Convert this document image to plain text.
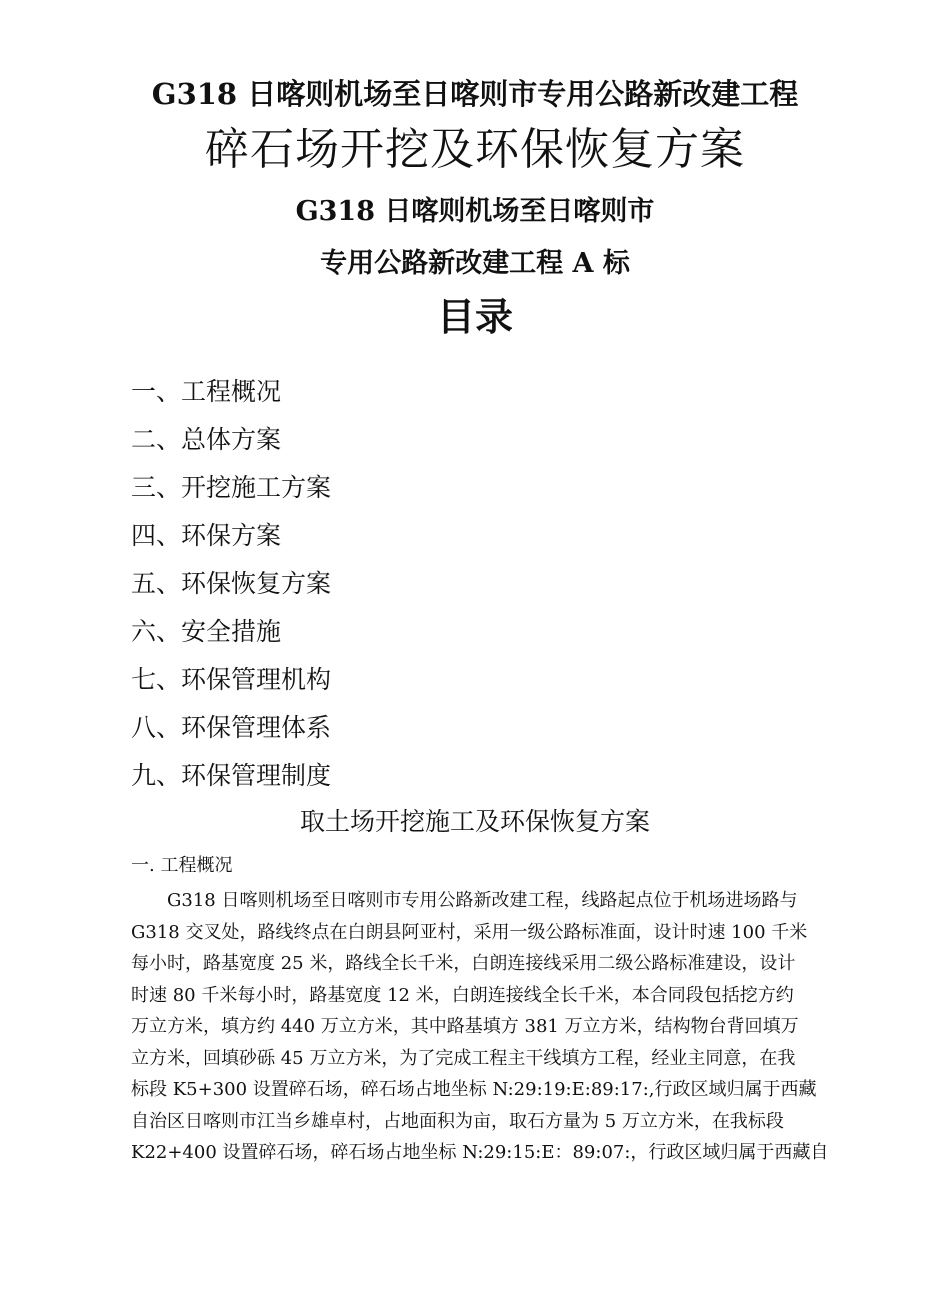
G318 日喀则机场至日喀则市专用公路新改建工程
碎石场开挖及环保恢复方案
G318 日喀则机场至日喀则市
专用公路新改建工程 A 标
目录
一、工程概况
二、总体方案
三、开挖施工方案
四、环保方案
五、环保恢复方案
六、安全措施
七、环保管理机构
八、环保管理体系
九、环保管理制度
取土场开挖施工及环保恢复方案
一. 工程概况
G318 日喀则机场至日喀则市专用公路新改建工程，线路起点位于机场进场路与
G318 交叉处，路线终点在白朗县阿亚村，采用一级公路标准面，设计时速 100 千米
每小时，路基宽度 25 米，路线全长千米，白朗连接线采用二级公路标准建设，设计
时速 80 千米每小时，路基宽度 12 米，白朗连接线全长千米，本合同段包括挖方约
万立方米，填方约 440 万立方米，其中路基填方 381 万立方米，结构物台背回填万
立方米，回填砂砾 45 万立方米，为了完成工程主干线填方工程，经业主同意，在我
标段 K5+300 设置碎石场，碎石场占地坐标 N:29:19:E:89:17:,行政区域归属于西藏
自治区日喀则市江当乡雄卓村，占地面积为亩，取石方量为 5 万立方米，在我标段
K22+400 设置碎石场，碎石场占地坐标 N:29:15:E：89:07:，行政区域归属于西藏自
